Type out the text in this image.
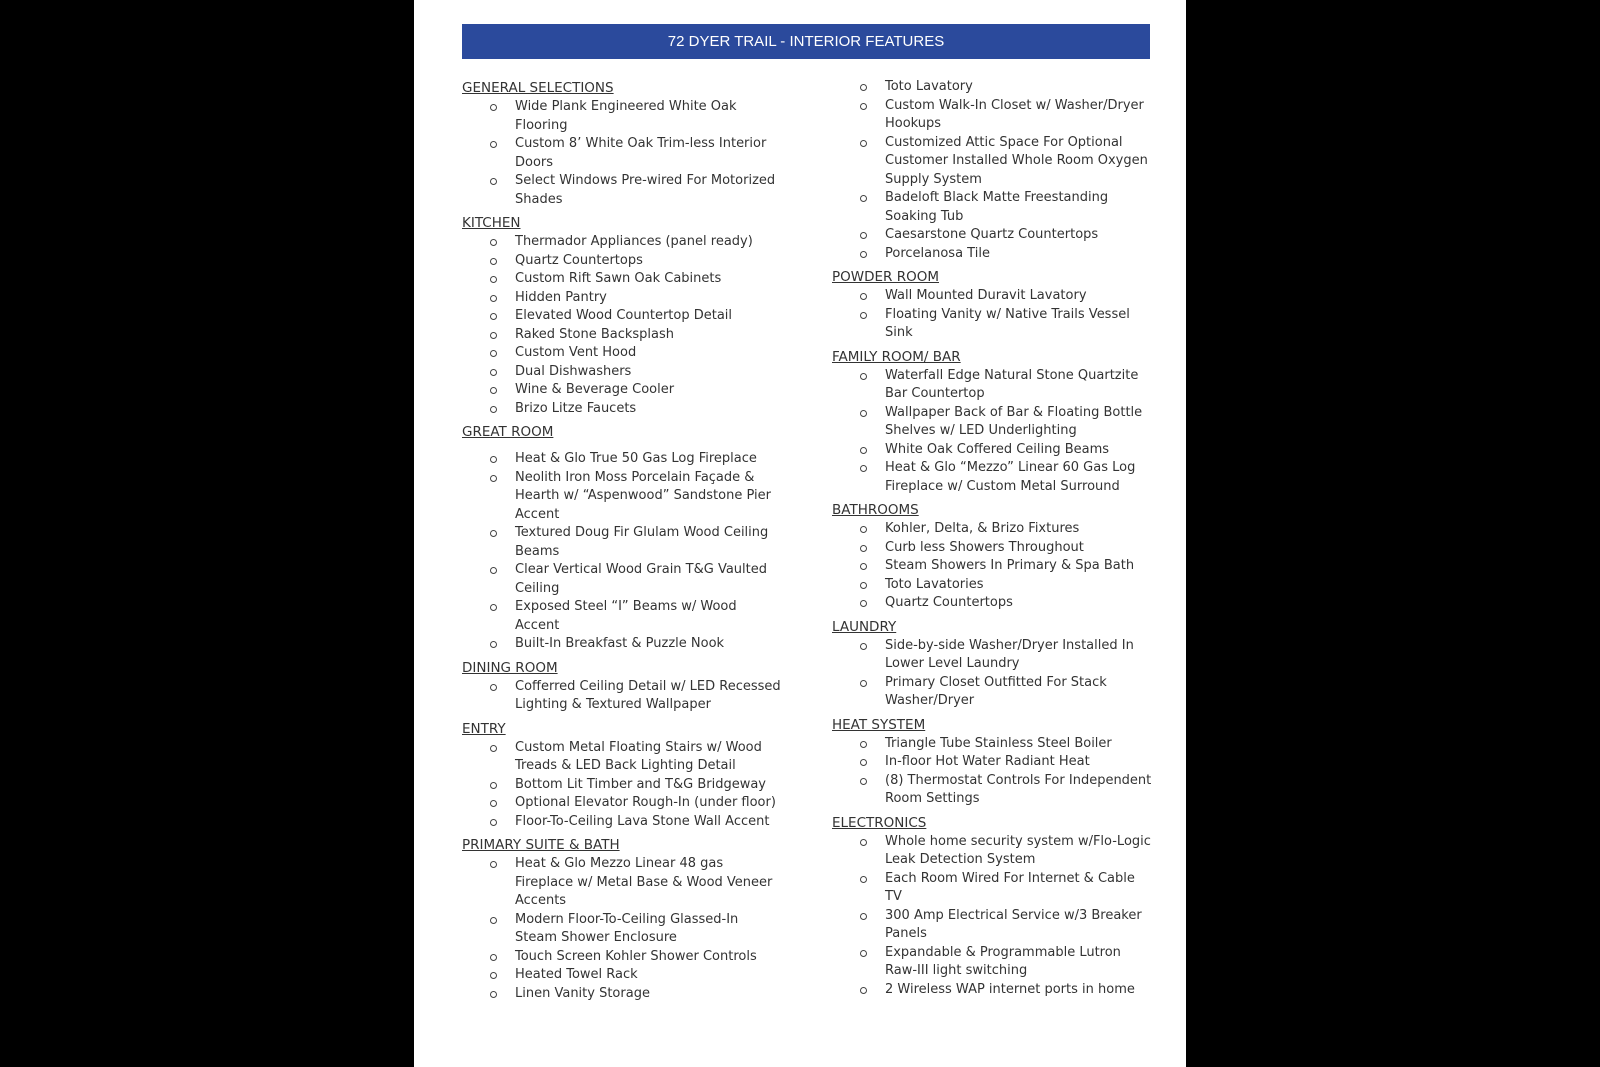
72 DYER TRAIL - INTERIOR FEATURES
GENERAL SELECTIONS
Wide Plank Engineered White Oak Flooring
Custom 8’ White Oak Trim-less Interior Doors
Select Windows Pre-wired For Motorized Shades
KITCHEN
Thermador Appliances (panel ready)
Quartz Countertops
Custom Rift Sawn Oak Cabinets
Hidden Pantry
Elevated Wood Countertop Detail
Raked Stone Backsplash
Custom Vent Hood
Dual Dishwashers
Wine & Beverage Cooler
Brizo Litze Faucets
GREAT ROOM
Heat & Glo True 50 Gas Log Fireplace
Neolith Iron Moss Porcelain Façade & Hearth w/ “Aspenwood” Sandstone Pier Accent
Textured Doug Fir Glulam Wood Ceiling Beams
Clear Vertical Wood Grain T&G Vaulted Ceiling
Exposed Steel “I” Beams w/ Wood Accent
Built-In Breakfast & Puzzle Nook
DINING ROOM
Cofferred Ceiling Detail w/ LED Recessed Lighting & Textured Wallpaper
ENTRY
Custom Metal Floating Stairs w/ Wood Treads & LED Back Lighting Detail
Bottom Lit Timber and T&G Bridgeway
Optional Elevator Rough-In (under floor)
Floor-To-Ceiling Lava Stone Wall Accent
PRIMARY SUITE & BATH
Heat & Glo Mezzo Linear 48 gas Fireplace w/ Metal Base & Wood Veneer Accents
Modern Floor-To-Ceiling Glassed-In Steam Shower Enclosure
Touch Screen Kohler Shower Controls
Heated Towel Rack
Linen Vanity Storage
Toto Lavatory
Custom Walk-In Closet w/ Washer/Dryer Hookups
Customized Attic Space For Optional Customer Installed Whole Room Oxygen Supply System
Badeloft Black Matte Freestanding Soaking Tub
Caesarstone Quartz Countertops
Porcelanosa Tile
POWDER ROOM
Wall Mounted Duravit Lavatory
Floating Vanity w/ Native Trails Vessel Sink
FAMILY ROOM/ BAR
Waterfall Edge Natural Stone Quartzite Bar Countertop
Wallpaper Back of Bar & Floating Bottle Shelves w/ LED Underlighting
White Oak Coffered Ceiling Beams
Heat & Glo “Mezzo” Linear 60 Gas Log Fireplace w/ Custom Metal Surround
BATHROOMS
Kohler, Delta, & Brizo Fixtures
Curb less Showers Throughout
Steam Showers In Primary & Spa Bath
Toto Lavatories
Quartz Countertops
LAUNDRY
Side-by-side Washer/Dryer Installed In Lower Level Laundry
Primary Closet Outfitted For Stack Washer/Dryer
HEAT SYSTEM
Triangle Tube Stainless Steel Boiler
In-floor Hot Water Radiant Heat
(8) Thermostat Controls For Independent Room Settings
ELECTRONICS
Whole home security system w/Flo-Logic Leak Detection System
Each Room Wired For Internet & Cable TV
300 Amp Electrical Service w/3 Breaker Panels
Expandable & Programmable Lutron Raw-III light switching
2 Wireless WAP internet ports in home
